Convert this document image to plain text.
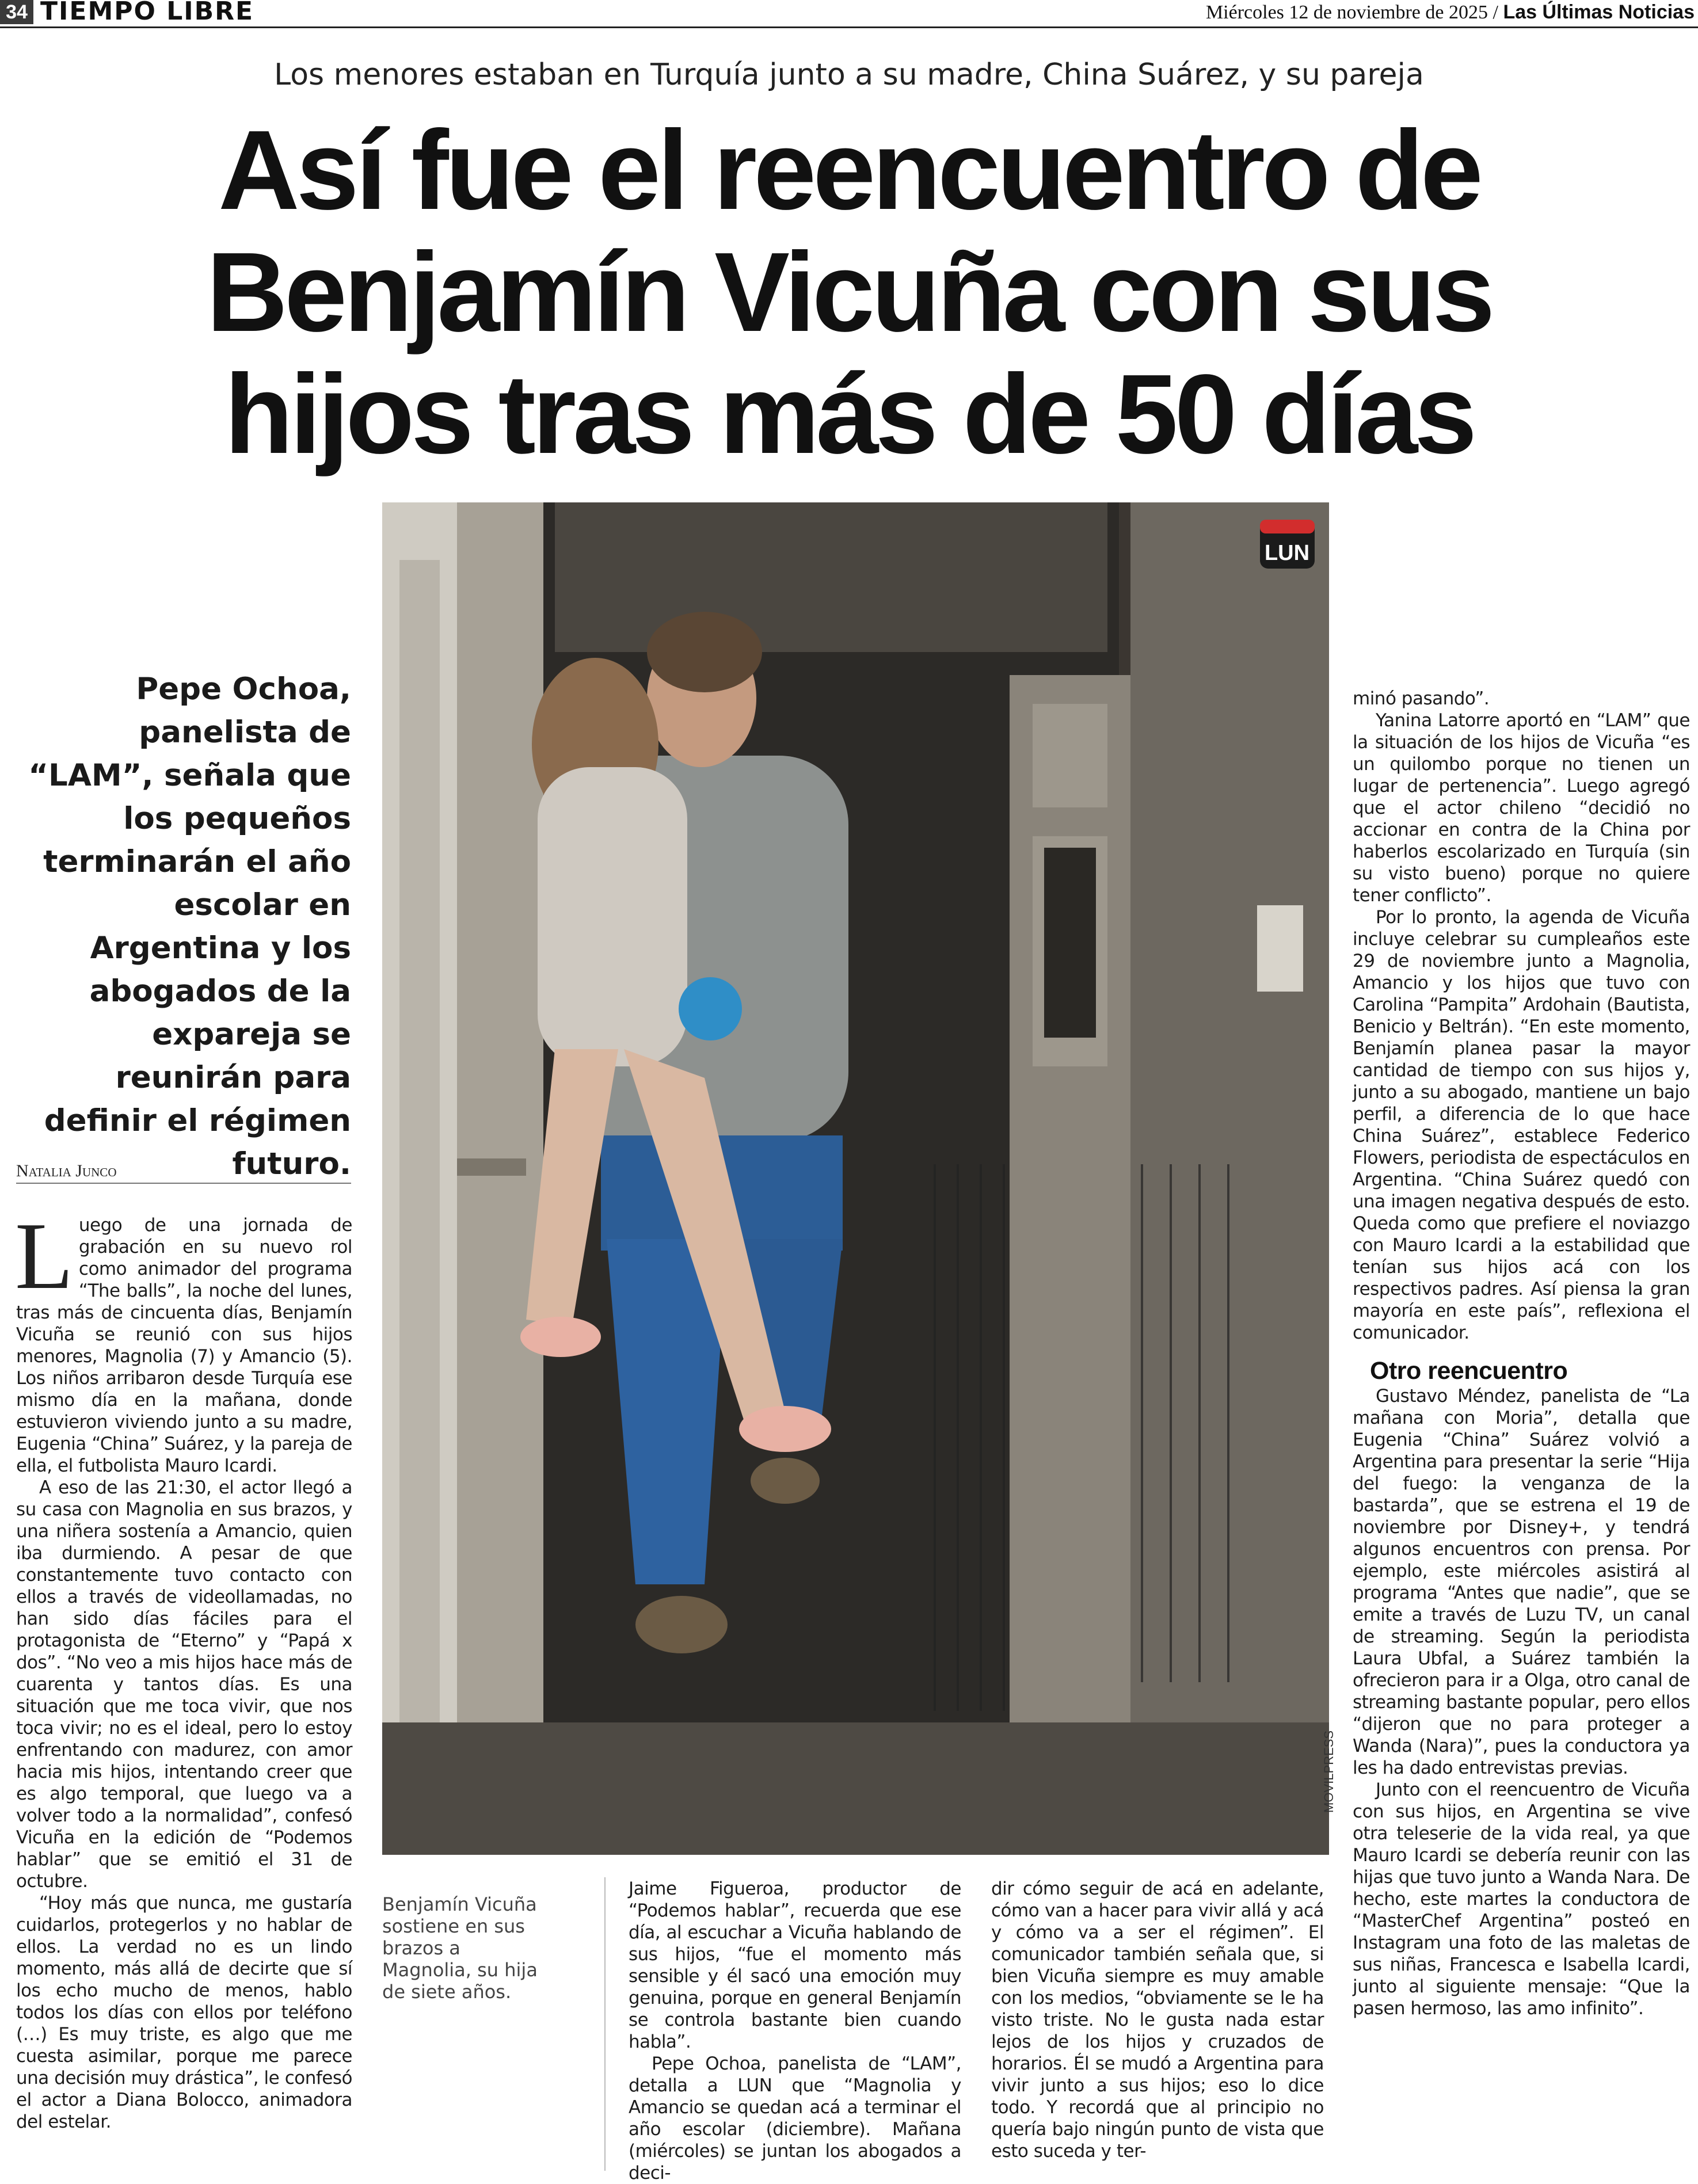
34 TIEMPO LIBRE	Miércoles 12 de noviembre de 2025 / Las Últimas Noticias
Los menores estaban en Turquía junto a su madre, China Suárez, y su pareja
Así fue el reencuentro de Benjamín Vicuña con sus hijos tras más de 50 días
LUN
MOVILPRESS
Pepe Ochoa, panelista de “LAM”, señala que los pequeños terminarán el año escolar en Argentina y los abogados de la expareja se reunirán para definir el régimen futuro.
Natalia Junco

Luego de una jornada de grabación en su nuevo rol como animador del programa “The balls”, la noche del lunes, tras más de cincuenta días, Benjamín Vicuña se reunió con sus hijos menores, Magnolia (7) y Amancio (5). Los niños arribaron desde Turquía ese mismo día en la mañana, donde estuvieron viviendo junto a su madre, Eugenia “China” Suárez, y la pareja de ella, el futbolista Mauro Icardi.

A eso de las 21:30, el actor llegó a su casa con Magnolia en sus brazos, y una niñera sostenía a Amancio, quien iba durmiendo. A pesar de que constantemente tuvo contacto con ellos a través de videollamadas, no han sido días fáciles para el protagonista de “Eterno” y “Papá x dos”. “No veo a mis hijos hace más de cuarenta y tantos días. Es una situación que me toca vivir, que nos toca vivir; no es el ideal, pero lo estoy enfrentando con madurez, con amor hacia mis hijos, intentando creer que es algo temporal, que luego va a volver todo a la normalidad”, confesó Vicuña en la edición de “Podemos hablar” que se emitió el 31 de octubre.

“Hoy más que nunca, me gustaría cuidarlos, protegerlos y no hablar de ellos. La verdad no es un lindo momento, más allá de decirte que sí los echo mucho de menos, hablo todos los días con ellos por teléfono (…) Es muy triste, es algo que me cuesta asimilar, porque me parece una decisión muy drástica”, le confesó el actor a Diana Bolocco, animadora del estelar.

Benjamín Vicuña sostiene en sus brazos a Magnolia, su hija de siete años.

Jaime Figueroa, productor de “Podemos hablar”, recuerda que ese día, al escuchar a Vicuña hablando de sus hijos, “fue el momento más sensible y él sacó una emoción muy genuina, porque en general Benjamín se controla bastante bien cuando habla”.

Pepe Ochoa, panelista de “LAM”, detalla a LUN que “Magnolia y Amancio se quedan acá a terminar el año escolar (diciembre). Mañana (miércoles) se juntan los abogados a deci-

dir cómo seguir de acá en adelante, cómo van a hacer para vivir allá y acá y cómo va a ser el régimen”. El comunicador también señala que, si bien Vicuña siempre es muy amable con los medios, “obviamente se le ha visto triste. No le gusta nada estar lejos de los hijos y cruzados de horarios. Él se mudó a Argentina para vivir junto a sus hijos; eso lo dice todo. Y recordá que al principio no quería bajo ningún punto de vista que esto suceda y ter-

minó pasando”.

Yanina Latorre aportó en “LAM” que la situación de los hijos de Vicuña “es un quilombo porque no tienen un lugar de pertenencia”. Luego agregó que el actor chileno “decidió no accionar en contra de la China por haberlos escolarizado en Turquía (sin su visto bueno) porque no quiere tener conflicto”.

Por lo pronto, la agenda de Vicuña incluye celebrar su cumpleaños este 29 de noviembre junto a Magnolia, Amancio y los hijos que tuvo con Carolina “Pampita” Ardohain (Bautista, Benicio y Beltrán). “En este momento, Benjamín planea pasar la mayor cantidad de tiempo con sus hijos y, junto a su abogado, mantiene un bajo perfil, a diferencia de lo que hace China Suárez”, establece Federico Flowers, periodista de espectáculos en Argentina. “China Suárez quedó con una imagen negativa después de esto. Queda como que prefiere el noviazgo con Mauro Icardi a la estabilidad que tenían sus hijos acá con los respectivos padres. Así piensa la gran mayoría en este país”, reflexiona el comunicador.

Otro reencuentro

Gustavo Méndez, panelista de “La mañana con Moria”, detalla que Eugenia “China” Suárez volvió a Argentina para presentar la serie “Hija del fuego: la venganza de la bastarda”, que se estrena el 19 de noviembre por Disney+, y tendrá algunos encuentros con prensa. Por ejemplo, este miércoles asistirá al programa “Antes que nadie”, que se emite a través de Luzu TV, un canal de streaming. Según la periodista Laura Ubfal, a Suárez también la ofrecieron para ir a Olga, otro canal de streaming bastante popular, pero ellos “dijeron que no para proteger a Wanda (Nara)”, pues la conductora ya les ha dado entrevistas previas.

Junto con el reencuentro de Vicuña con sus hijos, en Argentina se vive otra teleserie de la vida real, ya que Mauro Icardi se debería reunir con las hijas que tuvo junto a Wanda Nara. De hecho, este martes la conductora de “MasterChef Argentina” posteó en Instagram una foto de las maletas de sus niñas, Francesca e Isabella Icardi, junto al siguiente mensaje: “Que la pasen hermoso, las amo infinito”.
